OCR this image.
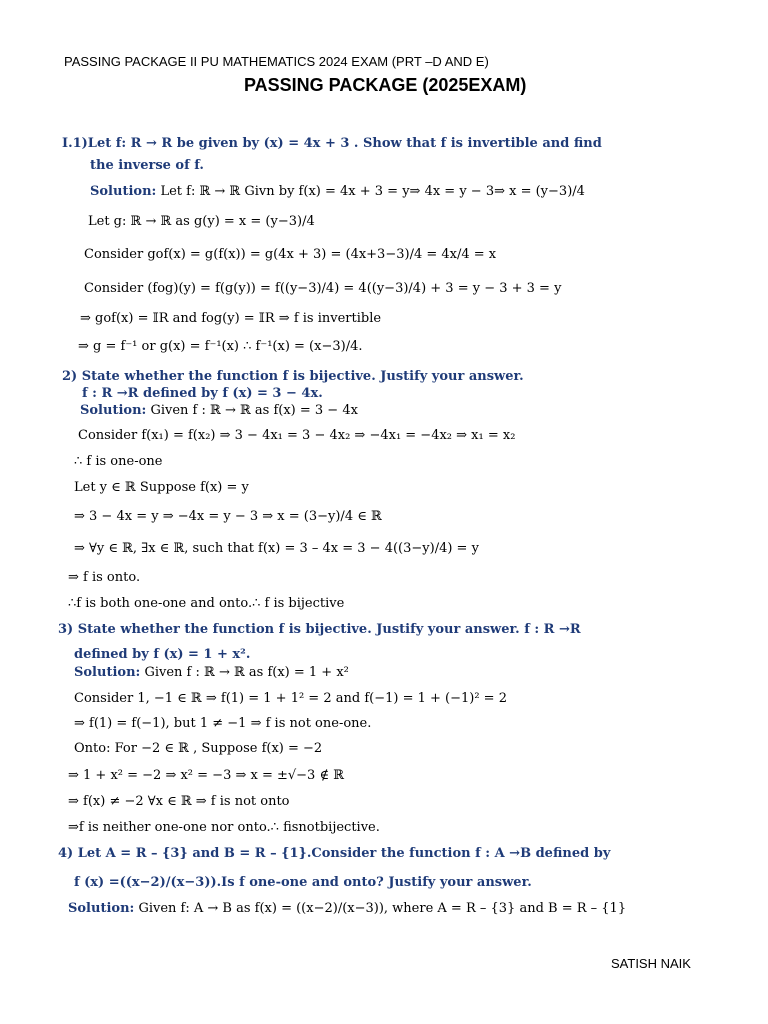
PASSING PACKAGE II PU MATHEMATICS 2024 EXAM (PRT –D AND E)
PASSING PACKAGE (2025EXAM)
I.1)Let f: R → R be given by (x) = 4x + 3 . Show that f is invertible and find
the inverse of f.
Solution: Let f: ℝ → ℝ Givn by f(x) = 4x + 3 = y⇒ 4x = y − 3⇒ x = (y−3)/4
Let g: ℝ → ℝ as g(y) = x = (y−3)/4
Consider gof(x) = g(f(x)) = g(4x + 3) = (4x+3−3)/4 = 4x/4 = x
Consider (fog)(y) = f(g(y)) = f((y−3)/4) = 4((y−3)/4) + 3 = y − 3 + 3 = y
⇒ gof(x) = 𝕀R and fog(y) = 𝕀R ⇒ f is invertible
⇒ g = f⁻¹ or g(x) = f⁻¹(x) ∴ f⁻¹(x) = (x−3)/4.
2) State whether the function f is bijective. Justify your answer.
f : R →R defined by f (x) = 3 − 4x.
Solution: Given f : ℝ → ℝ as f(x) = 3 − 4x
Consider f(x₁) = f(x₂) ⇒ 3 − 4x₁ = 3 − 4x₂ ⇒ −4x₁ = −4x₂ ⇒ x₁ = x₂
∴ f is one-one
Let y ∈ ℝ Suppose f(x) = y
⇒ 3 − 4x = y ⇒ −4x = y − 3 ⇒ x = (3−y)/4 ∈ ℝ
⇒ ∀y ∈ ℝ, ∃x ∈ ℝ, such that f(x) = 3 – 4x = 3 − 4((3−y)/4) = y
⇒ f is onto.
∴f is both one-one and onto.∴ f is bijective
3) State whether the function f is bijective. Justify your answer. f : R →R
defined by f (x) = 1 + x².
Solution: Given f : ℝ → ℝ as f(x) = 1 + x²
Consider 1, −1 ∈ ℝ ⇒ f(1) = 1 + 1² = 2 and f(−1) = 1 + (−1)² = 2
⇒ f(1) = f(−1), but 1 ≠ −1 ⇒ f is not one-one.
Onto: For −2 ∈ ℝ , Suppose f(x) = −2
⇒ 1 + x² = −2 ⇒ x² = −3 ⇒ x = ±√−3 ∉ ℝ
⇒ f(x) ≠ −2 ∀x ∈ ℝ ⇒ f is not onto
⇒f is neither one-one nor onto.∴ fisnotbijective.
4) Let A = R – {3} and B = R – {1}.Consider the function f : A →B defined by
f (x) =((x−2)/(x−3)).Is f one-one and onto? Justify your answer.
Solution: Given f: A → B as f(x) = ((x−2)/(x−3)), where A = R – {3} and B = R – {1}
SATISH NAIK
